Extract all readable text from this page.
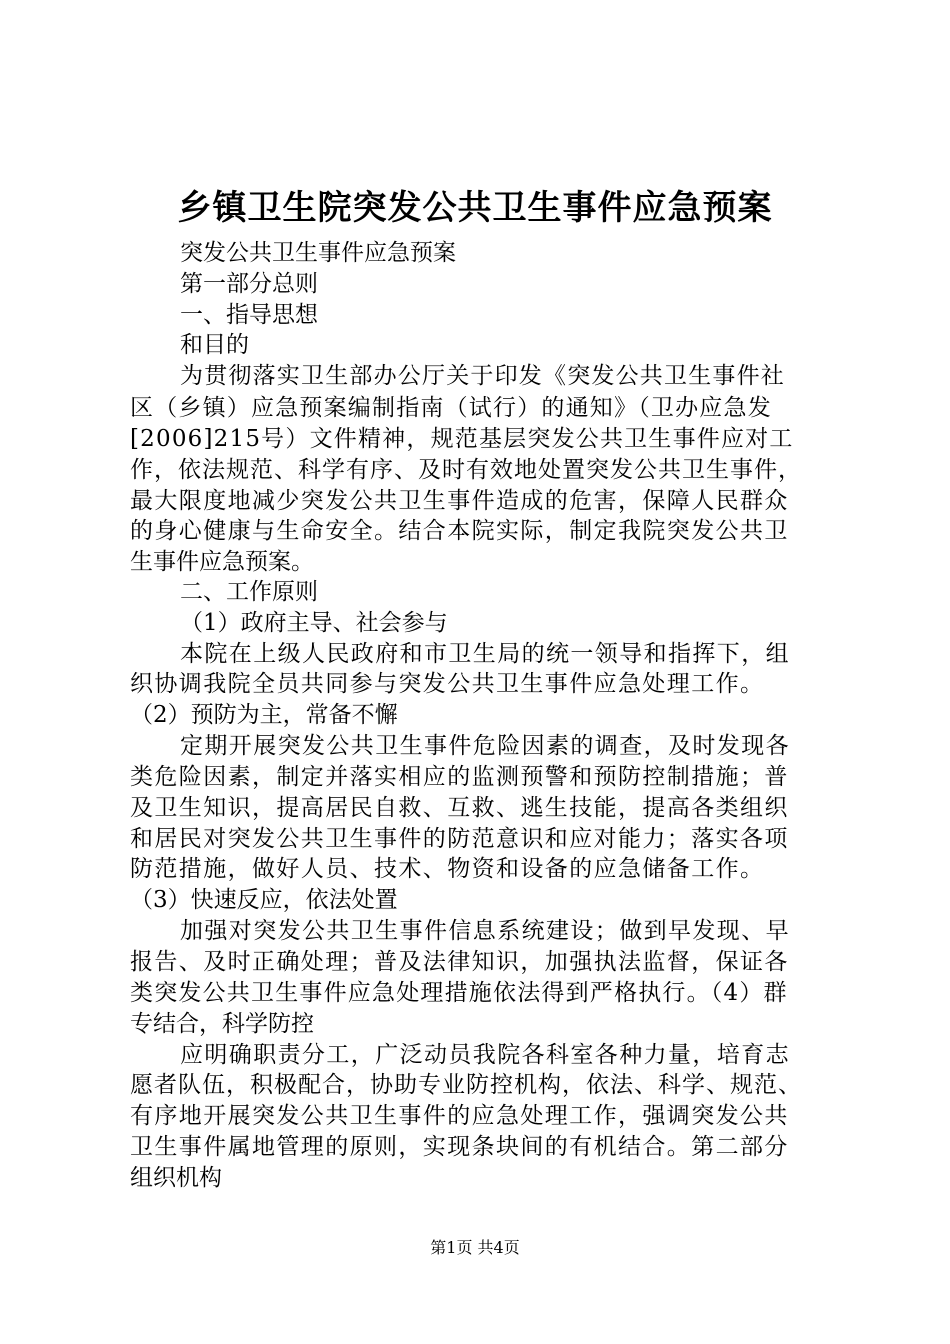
乡镇卫生院突发公共卫生事件应急预案
突发公共卫生事件应急预案
第一部分总则
一、指导思想
和目的
为贯彻落实卫生部办公厅关于印发《突发公共卫生事件社
区（乡镇）应急预案编制指南（试行）的通知》（卫办应急发
[2006]215号）文件精神，规范基层突发公共卫生事件应对工
作，依法规范、科学有序、及时有效地处置突发公共卫生事件，
最大限度地减少突发公共卫生事件造成的危害，保障人民群众
的身心健康与生命安全。结合本院实际，制定我院突发公共卫
生事件应急预案。
二、工作原则
（1）政府主导、社会参与
本院在上级人民政府和市卫生局的统一领导和指挥下，组
织协调我院全员共同参与突发公共卫生事件应急处理工作。
（2）预防为主，常备不懈
定期开展突发公共卫生事件危险因素的调查，及时发现各
类危险因素，制定并落实相应的监测预警和预防控制措施；普
及卫生知识，提高居民自救、互救、逃生技能，提高各类组织
和居民对突发公共卫生事件的防范意识和应对能力；落实各项
防范措施，做好人员、技术、物资和设备的应急储备工作。
（3）快速反应，依法处置
加强对突发公共卫生事件信息系统建设；做到早发现、早
报告、及时正确处理；普及法律知识，加强执法监督，保证各
类突发公共卫生事件应急处理措施依法得到严格执行。（4）群
专结合，科学防控
应明确职责分工，广泛动员我院各科室各种力量，培育志
愿者队伍，积极配合，协助专业防控机构，依法、科学、规范、
有序地开展突发公共卫生事件的应急处理工作，强调突发公共
卫生事件属地管理的原则，实现条块间的有机结合。第二部分
组织机构
第1页 共4页
